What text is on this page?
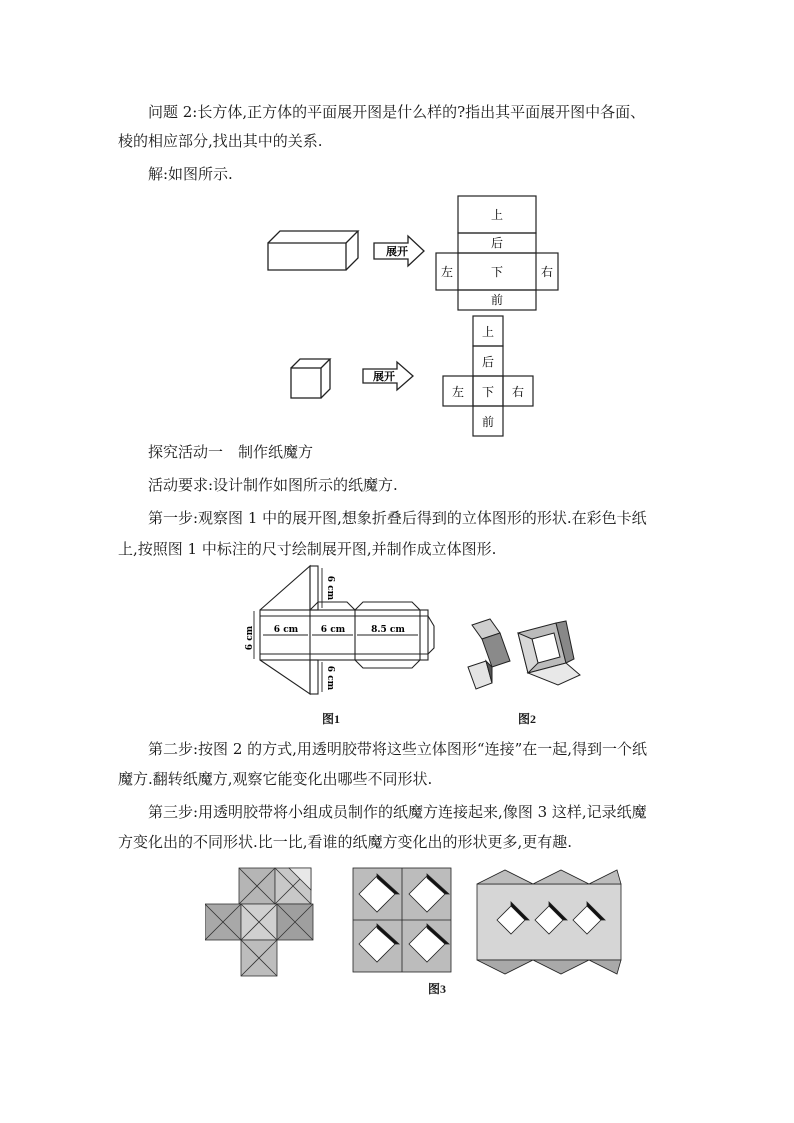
问题 2:长方体,正方体的平面展开图是什么样的?指出其平面展开图中各面、

棱的相应部分,找出其中的关系.

解:如图所示.

展开
上
后
左	下	右
前
展开
上
后
左 下 右
前

探究活动一　制作纸魔方

活动要求:设计制作如图所示的纸魔方.

第一步:观察图 1 中的展开图,想象折叠后得到的立体图形的形状.在彩色卡纸

上,按照图 1 中标注的尺寸绘制展开图,并制作成立体图形.

6 cm 6 cm	6 cm	8.5 cm
6 cm
6 cm
图1	图2

第二步:按图 2 的方式,用透明胶带将这些立体图形“连接”在一起,得到一个纸

魔方.翻转纸魔方,观察它能变化出哪些不同形状.

第三步:用透明胶带将小组成员制作的纸魔方连接起来,像图 3 这样,记录纸魔

方变化出的不同形状.比一比,看谁的纸魔方变化出的形状更多,更有趣.

图3
